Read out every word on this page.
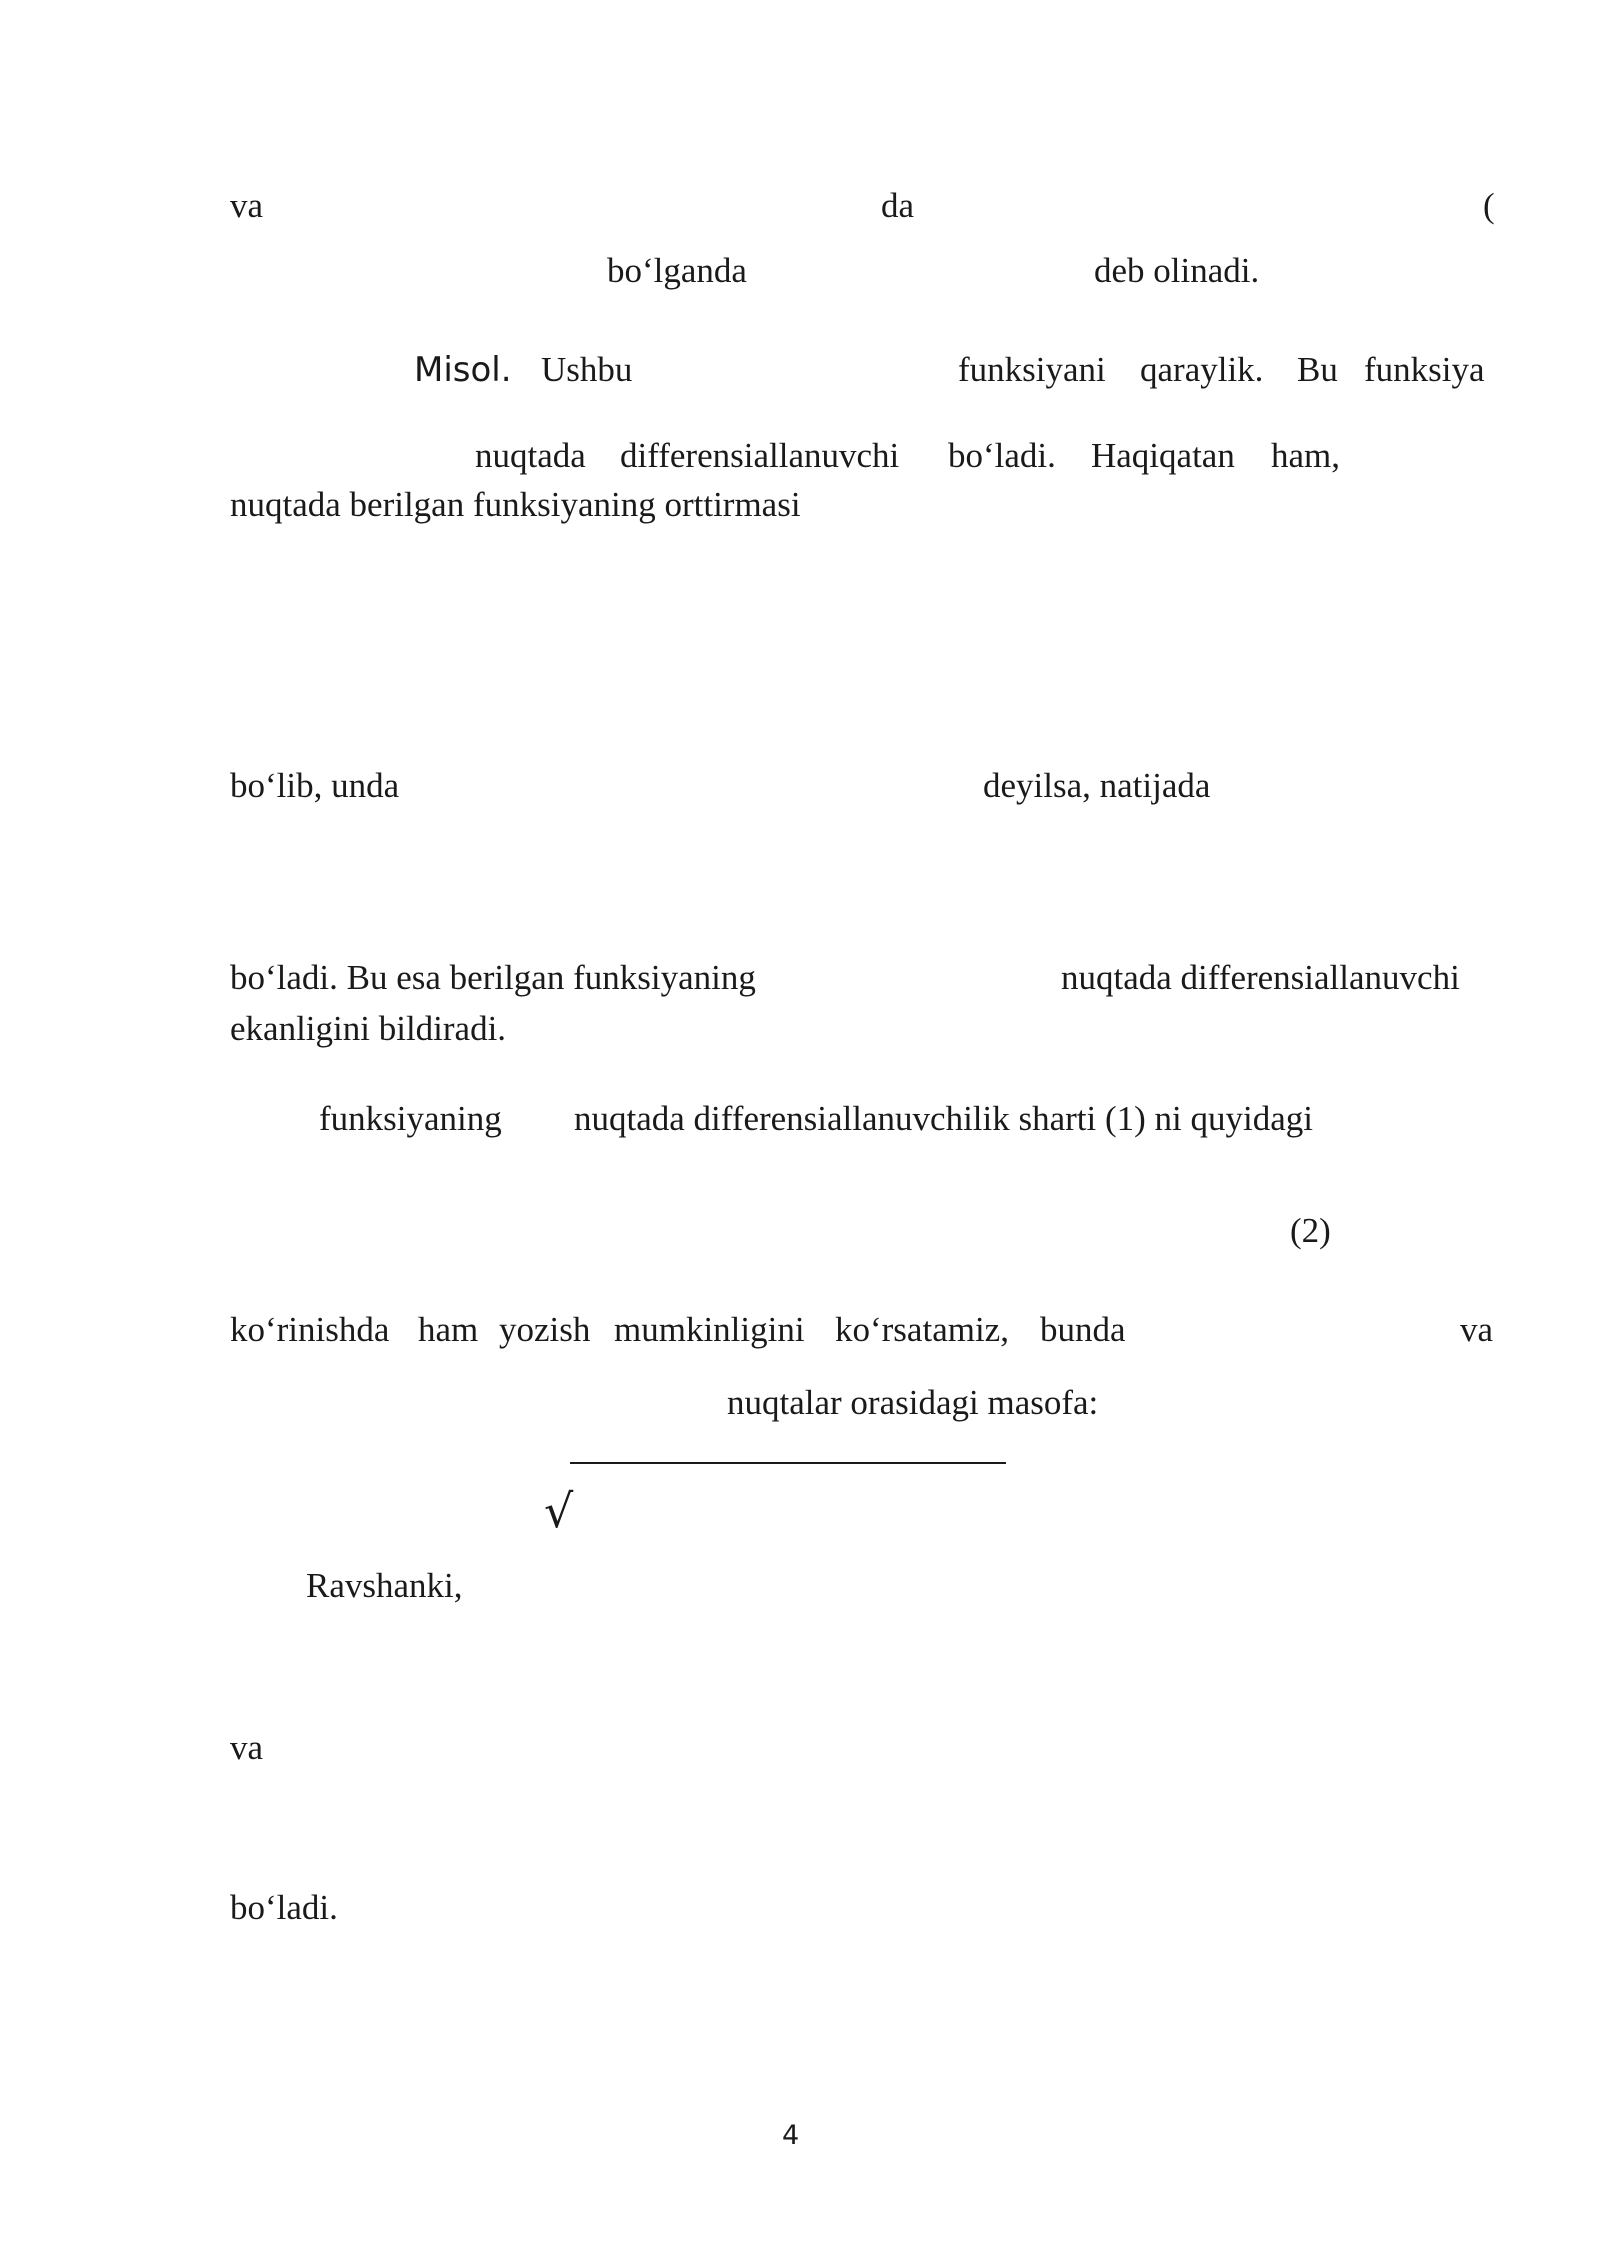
va	da	(
bo‘lganda	deb olinadi.
Misol. Ushbu	funksiyani qaraylik. Bu funksiya
nuqtada differensiallanuvchi bo‘ladi. Haqiqatan ham,
nuqtada berilgan funksiyaning orttirmasi
bo‘lib, unda	deyilsa, natijada
bo‘ladi. Bu esa berilgan funksiyaning	nuqtada differensiallanuvchi
ekanligini bildiradi.
funksiyaning nuqtada differensiallanuvchilik sharti (1) ni quyidagi
(2)
ko‘rinishda ham yozish mumkinligini ko‘rsatamiz, bunda	va
nuqtalar orasidagi masofa:
√
Ravshanki,
va
bo‘ladi.
4
